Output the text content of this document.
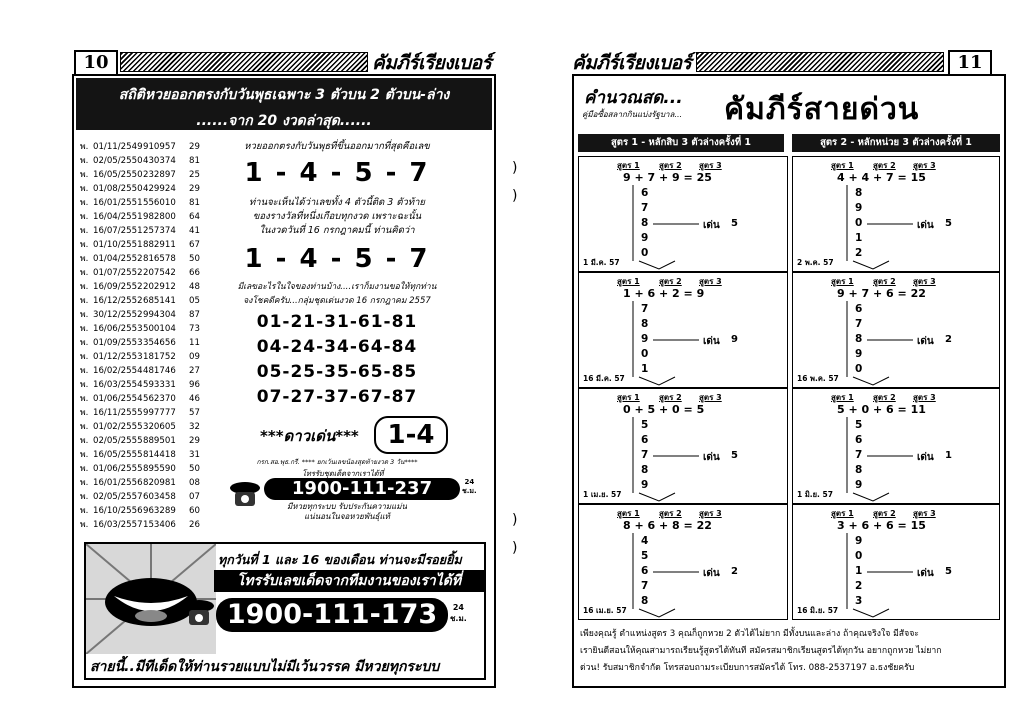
10	คัมภีร์เรียงเบอร์
สถิติหวยออกตรงกับวันพุธเฉพาะ 3 ตัวบน 2 ตัวบน-ล่าง
......จาก 20 งวดล่าสุด......
พ. 01/11/2549910957 29
พ. 02/05/2550430374 81
พ. 16/05/2550232897 25
พ. 01/08/2550429924 29
พ. 16/01/2551556010 81
พ. 16/04/2551982800 64
พ. 16/07/2551257374 41
พ. 01/10/2551882911 67
พ. 01/04/2552816578 50
พ. 01/07/2552207542 66
พ. 16/09/2552202912 48
พ. 16/12/2552685141 05
พ. 30/12/2552994304 87
พ. 16/06/2553500104 73
พ. 01/09/2553354656 11
พ. 01/12/2553181752 09
พ. 16/02/2554481746 27
พ. 16/03/2554593331 96
พ. 01/06/2554562370 46
พ. 16/11/2555997777 57
พ. 01/02/2555320605 32
พ. 02/05/2555889501 29
พ. 16/05/2555814418 31
พ. 01/06/2555895590 50
พ. 16/01/2556820981 08
พ. 02/05/2557603458 07
พ. 16/10/2556963289 60
พ. 16/03/2557153406 26
หวยออกตรงกับวันพุธที่ขึ้นออกมากที่สุดคือเลข
1 - 4 - 5 - 7
ท่านจะเห็นได้ว่าเลขทั้ง 4 ตัวนี้ติด 3 ตัวท้าย
ของรางวัลที่หนึ่งเกือบทุกงวด เพราะฉะนั้น
ในงวดวันที่ 16 กรกฎาคมนี้ ท่านคิดว่า
1 - 4 - 5 - 7
มีเลขอะไรในใจของท่านบ้าง....เราก็มงานขอให้ทุกท่าน
จงโชคดีครับ...กลุ่มชุดเด่นงวด 16 กรกฎาคม 2557
01-21-31-61-81
04-24-34-64-84
05-25-35-65-85
07-27-37-67-87
***ดาวเด่น***	1-4
กรก.สอ.พุธ.กรี. **** ยกเว้นเลขน้องสุดท้ายงวด 3 วัน****
โทรรับชุดเด็ดจากเราได้ที่
1900-111-237	24
ช.ม.
มีหวยทุกระบบ รับประกันความแม่น
แน่นอนในจอหวยพันธุ์แท้
ทุกวันที่ 1 และ 16 ของเดือน ท่านจะมีรอยยิ้ม
โทรรับเลขเด็ดจากทีมงานของเราได้ที่
1900-111-173	24
ช.ม.
สายนี้..มีทีเด็ดให้ท่านรวยแบบไม่มีเว้นวรรค มีหวยทุกระบบ
)
)
)
)
คัมภีร์เรียงเบอร์	11
คำนวณสด...
คู่มือซื้อสลากกินแบ่งรัฐบาล... คัมภีร์สายด่วน
สูตร 1 - หลักสิบ 3 ตัวล่างครั้งที่ 1	สูตร 2 - หลักหน่วย 3 ตัวล่างครั้งที่ 1
สูตร 1 สูตร 2 สูตร 3
9 + 7 + 9 = 25
6
7
8
9
0
เด่น 5
1 มี.ค. 57
สูตร 1 สูตร 2 สูตร 3
4 + 4 + 7 = 15
8
9
0
1
2
เด่น 5
2 พ.ค. 57
สูตร 1 สูตร 2 สูตร 3
1 + 6 + 2 = 9
7
8
9
0
1
เด่น 9
16 มี.ค. 57
สูตร 1 สูตร 2 สูตร 3
9 + 7 + 6 = 22
6
7
8
9
0
เด่น 2
16 พ.ค. 57
สูตร 1 สูตร 2 สูตร 3
0 + 5 + 0 = 5
5
6
7
8
9
เด่น 5
1 เม.ย. 57
สูตร 1 สูตร 2 สูตร 3
5 + 0 + 6 = 11
5
6
7
8
9
เด่น 1
1 มิ.ย. 57
สูตร 1 สูตร 2 สูตร 3
8 + 6 + 8 = 22
4
5
6
7
8
เด่น 2
16 เม.ย. 57
สูตร 1 สูตร 2 สูตร 3
3 + 6 + 6 = 15
9
0
1
2
3
เด่น 5
16 มิ.ย. 57
เพียงคุณรู้ ตำแหน่งสูตร 3 คุณก็ถูกหวย 2 ตัวได้ไม่ยาก มีทั้งบนและล่าง ถ้าคุณจริงใจ มีสัจจะ
เรายินดีสอนให้คุณสามารถเรียนรู้สูตรได้ทันที สมัครสมาชิกเรียนสูตรได้ทุกวัน อยากถูกหวย ไม่ยาก
ด่วน! รับสมาชิกจำกัด โทรสอบถามระเบียบการสมัครได้ โทร. 088-2537197 อ.ธงชัยครับ
